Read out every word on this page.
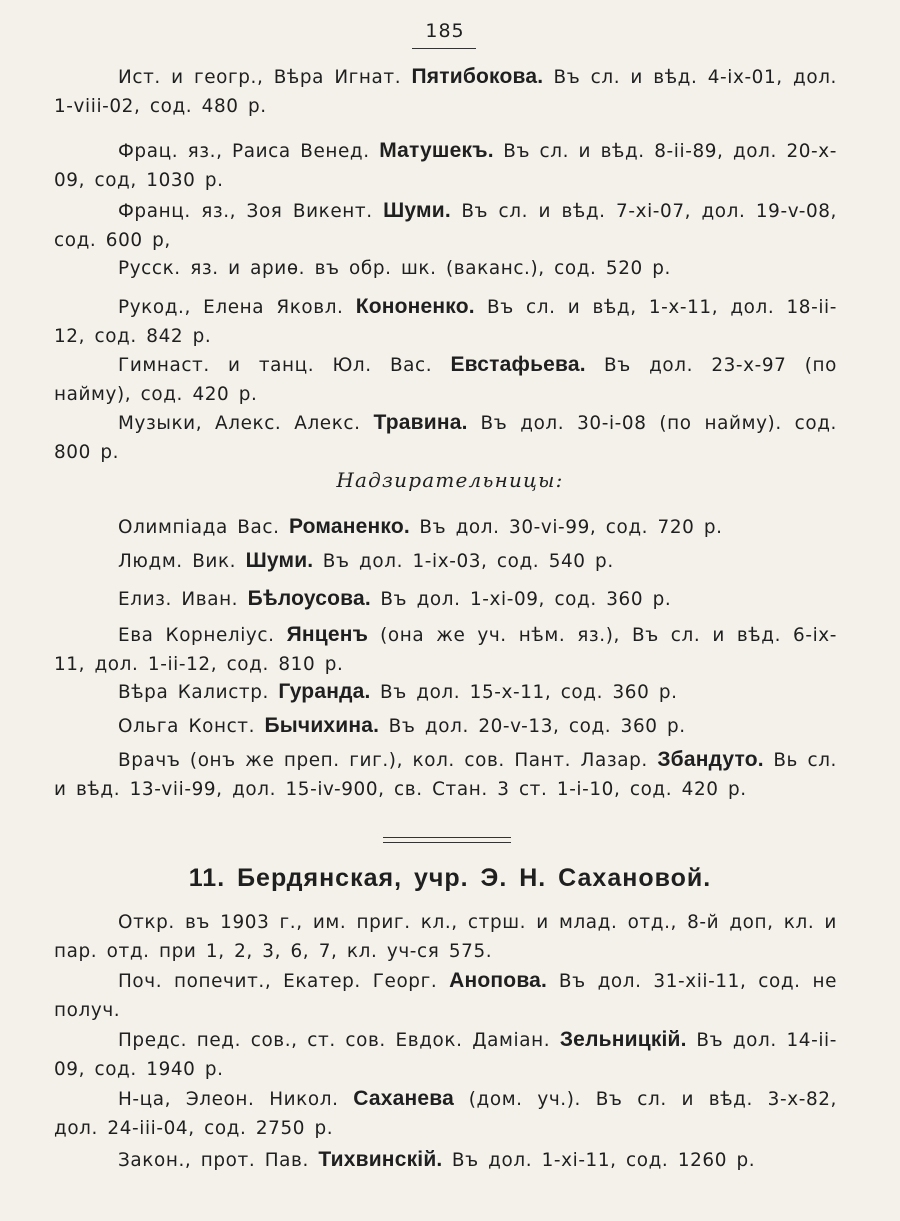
185

Ист. и геогр., Вѣра Игнат. Пятибокова. Въ сл. и вѣд. 4-ix-01, дол. 1-viii-02, сод. 480 р.

Фрац. яз., Раиса Венед. Матушекъ. Въ сл. и вѣд. 8-ii-89, дол. 20-x-09, сод, 1030 р.

Франц. яз., Зоя Викент. Шуми. Въ сл. и вѣд. 7-xi-07, дол. 19-v-08, сод. 600 р,

Русск. яз. и ариѳ. въ обр. шк. (ваканс.), сод. 520 р.

Рукод., Елена Яковл. Кононенко. Въ сл. и вѣд, 1-x-11, дол. 18-ii-12, сод. 842 р.

Гимнаст. и танц. Юл. Вас. Евстафьева. Въ дол. 23-x-97 (по найму), сод. 420 р.

Музыки, Алекс. Алекс. Травина. Въ дол. 30-i-08 (по найму). сод. 800 р.

Надзирательницы:

Олимпіада Вас. Романенко. Въ дол. 30-vi-99, сод. 720 р.

Людм. Вик. Шуми. Въ дол. 1-ix-03, сод. 540 р.

Елиз. Иван. Бѣлоусова. Въ дол. 1-xi-09, сод. 360 р.

Ева Корнеліус. Янценъ (она же уч. нѣм. яз.), Въ сл. и вѣд. 6-ix-11, дол. 1-ii-12, сод. 810 р.

Вѣра Калистр. Гуранда. Въ дол. 15-x-11, сод. 360 р.

Ольга Конст. Бычихина. Въ дол. 20-v-13, сод. 360 р.

Врачъ (онъ же преп. гиг.), кол. сов. Пант. Лазар. Збандуто. Вь сл. и вѣд. 13-vii-99, дол. 15-iv-900, св. Стан. 3 ст. 1-i-10, сод. 420 р.

11. Бердянская, учр. Э. Н. Сахановой.

Откр. въ 1903 г., им. приг. кл., стрш. и млад. отд., 8-й доп, кл. и пар. отд. при 1, 2, 3, 6, 7, кл. уч-ся 575.

Поч. попечит., Екатер. Георг. Анопова. Въ дол. 31-xii-11, сод. не получ.

Предс. пед. сов., ст. сов. Евдок. Даміан. Зельницкій. Въ дол. 14-ii-09, сод. 1940 р.

Н-ца, Элеон. Никол. Саханева (дом. уч.). Въ сл. и вѣд. 3-x-82, дол. 24-iii-04, сод. 2750 р.

Закон., прот. Пав. Тихвинскій. Въ дол. 1-xi-11, сод. 1260 р.
